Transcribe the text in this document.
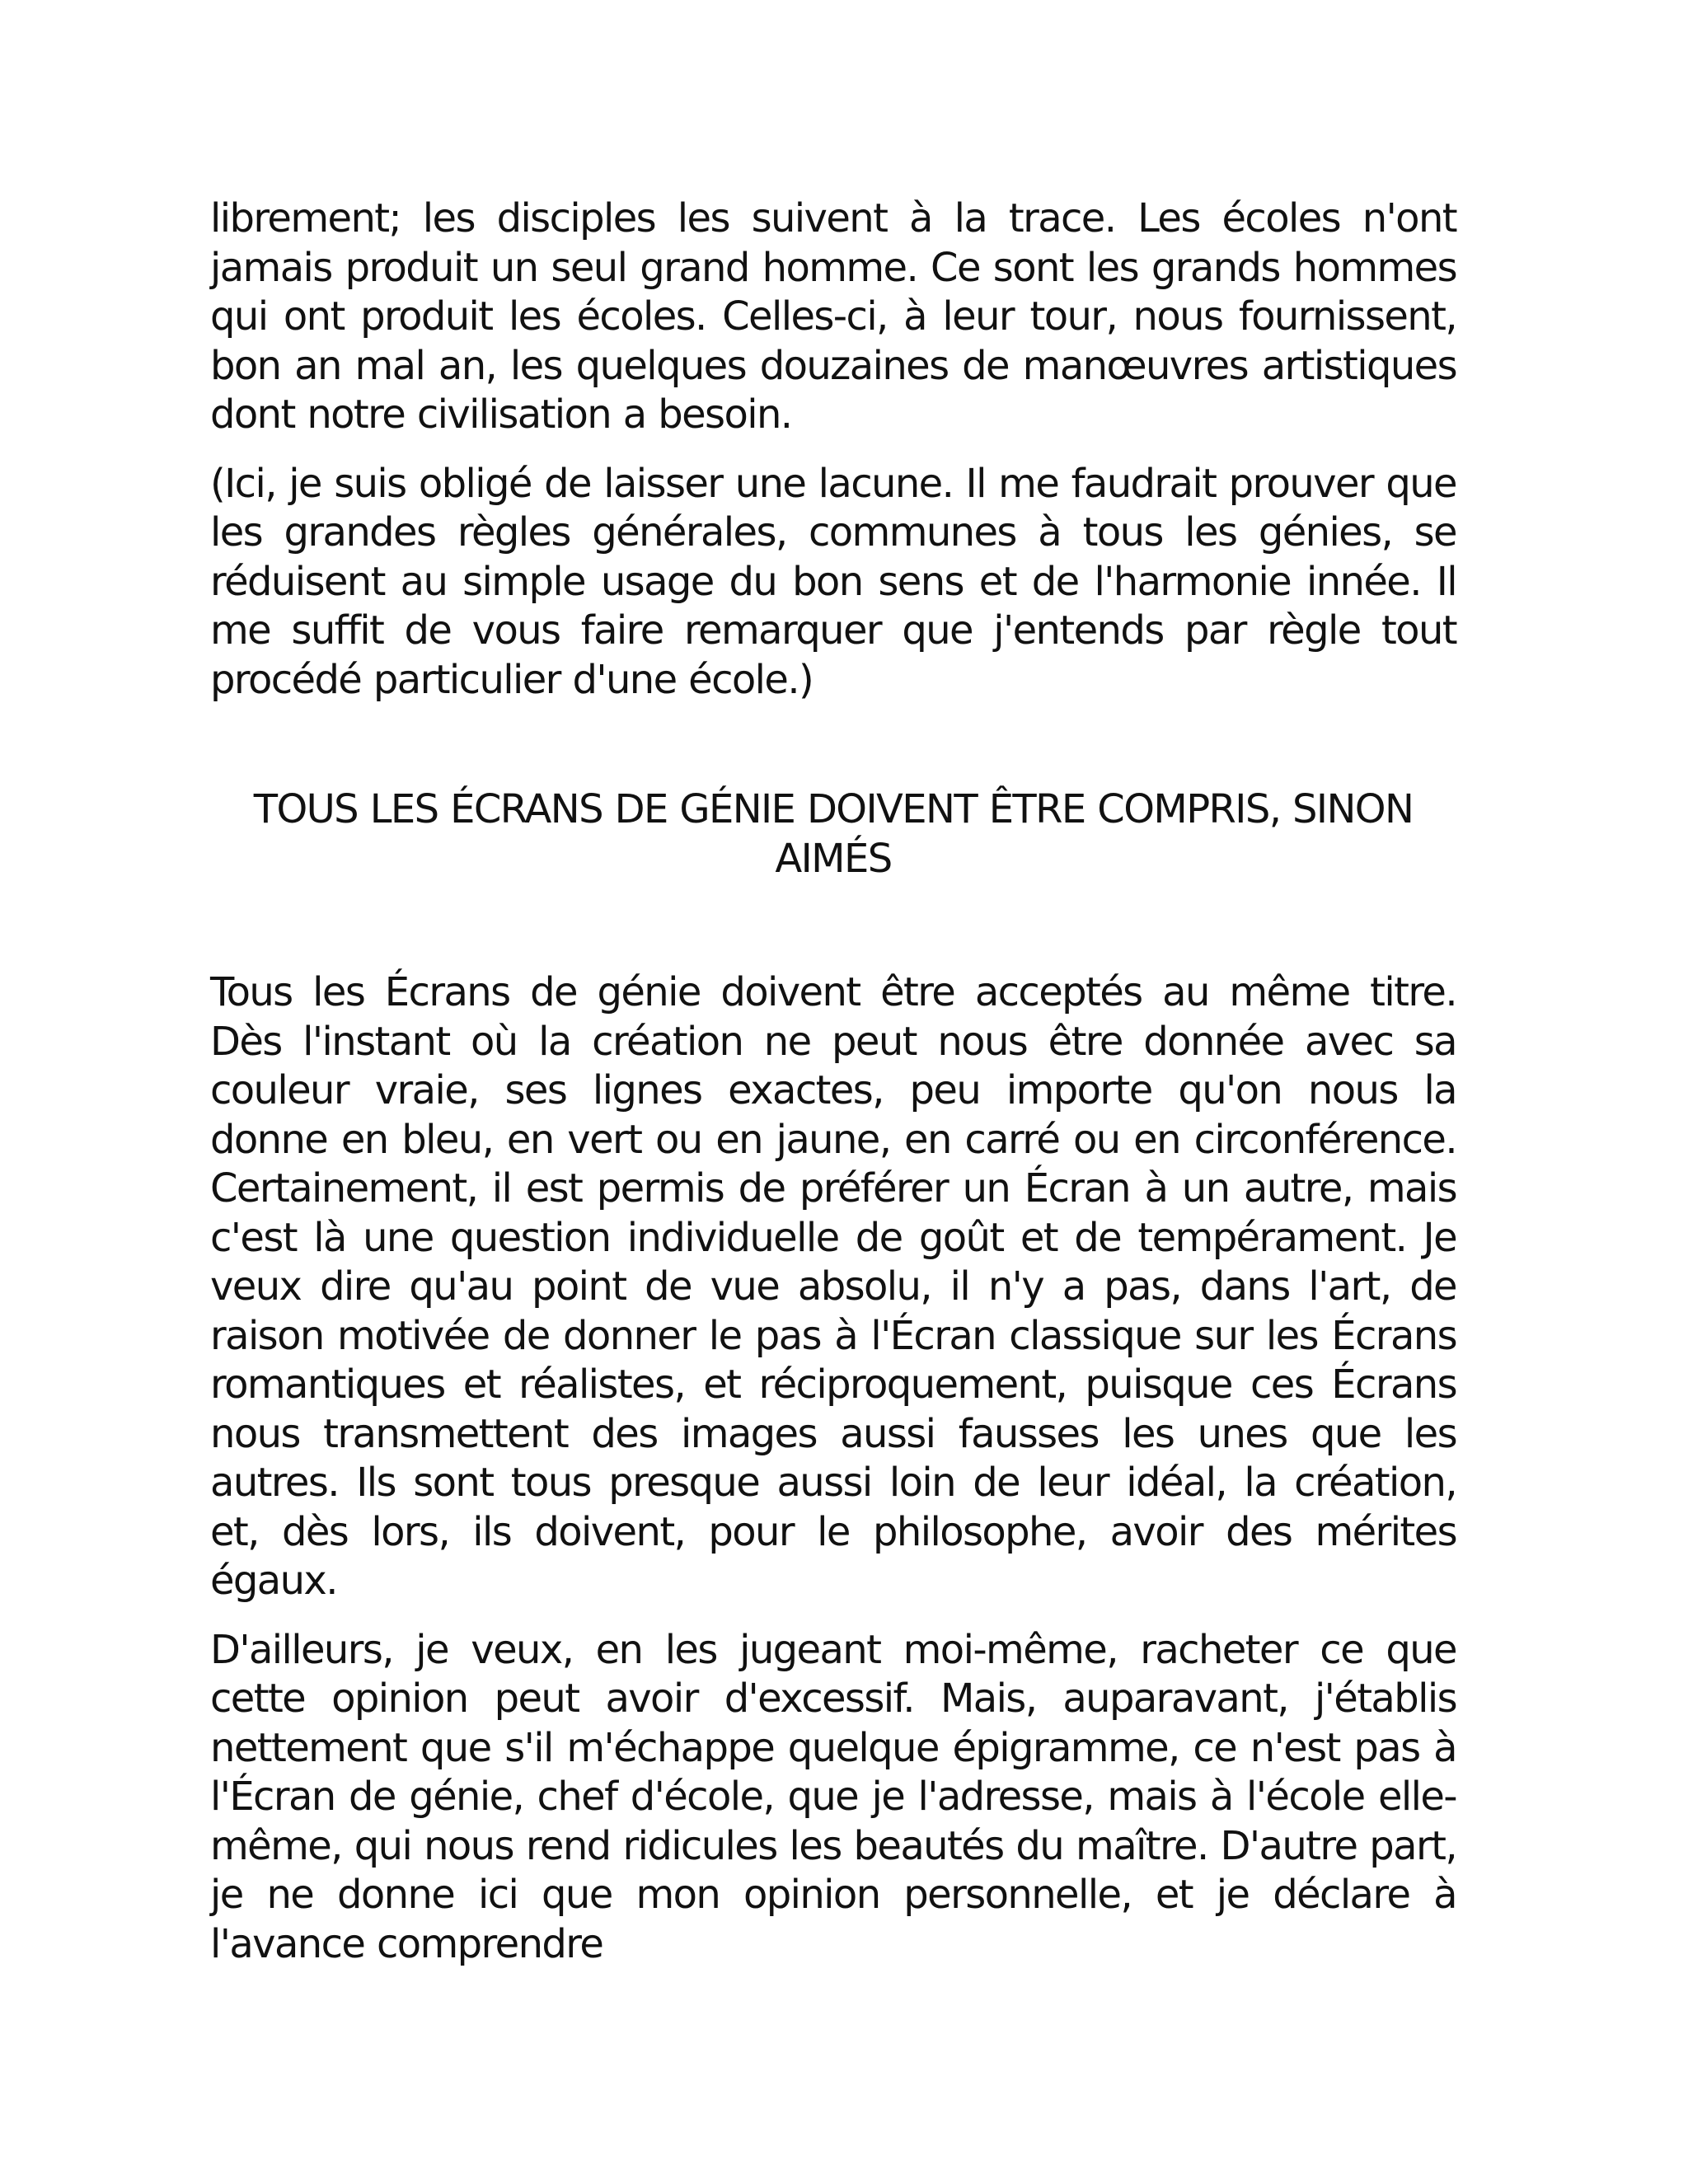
librement; les disciples les suivent à la trace. Les écoles n'ont jamais produit un seul grand homme. Ce sont les grands hommes qui ont produit les écoles. Celles-ci, à leur tour, nous fournissent, bon an mal an, les quelques douzaines de manœuvres artistiques dont notre civilisation a besoin.

(Ici, je suis obligé de laisser une lacune. Il me faudrait prouver que les grandes règles générales, communes à tous les génies, se réduisent au simple usage du bon sens et de l'harmonie innée. Il me suffit de vous faire remarquer que j'entends par règle tout procédé particulier d'une école.)

TOUS LES ÉCRANS DE GÉNIE DOIVENT ÊTRE COMPRIS, SINON AIMÉS

Tous les Écrans de génie doivent être acceptés au même titre. Dès l'instant où la création ne peut nous être donnée avec sa couleur vraie, ses lignes exactes, peu importe qu'on nous la donne en bleu, en vert ou en jaune, en carré ou en circonférence. Certainement, il est permis de préférer un Écran à un autre, mais c'est là une question individuelle de goût et de tempérament. Je veux dire qu'au point de vue absolu, il n'y a pas, dans l'art, de raison motivée de donner le pas à l'Écran classique sur les Écrans romantiques et réalistes, et réciproquement, puisque ces Écrans nous transmettent des images aussi fausses les unes que les autres. Ils sont tous presque aussi loin de leur idéal, la création, et, dès lors, ils doivent, pour le philosophe, avoir des mérites égaux.

D'ailleurs, je veux, en les jugeant moi-même, racheter ce que cette opinion peut avoir d'excessif. Mais, auparavant, j'établis nettement que s'il m'échappe quelque épigramme, ce n'est pas à l'Écran de génie, chef d'école, que je l'adresse, mais à l'école elle-même, qui nous rend ridicules les beautés du maître. D'autre part, je ne donne ici que mon opinion personnelle, et je déclare à l'avance comprendre
